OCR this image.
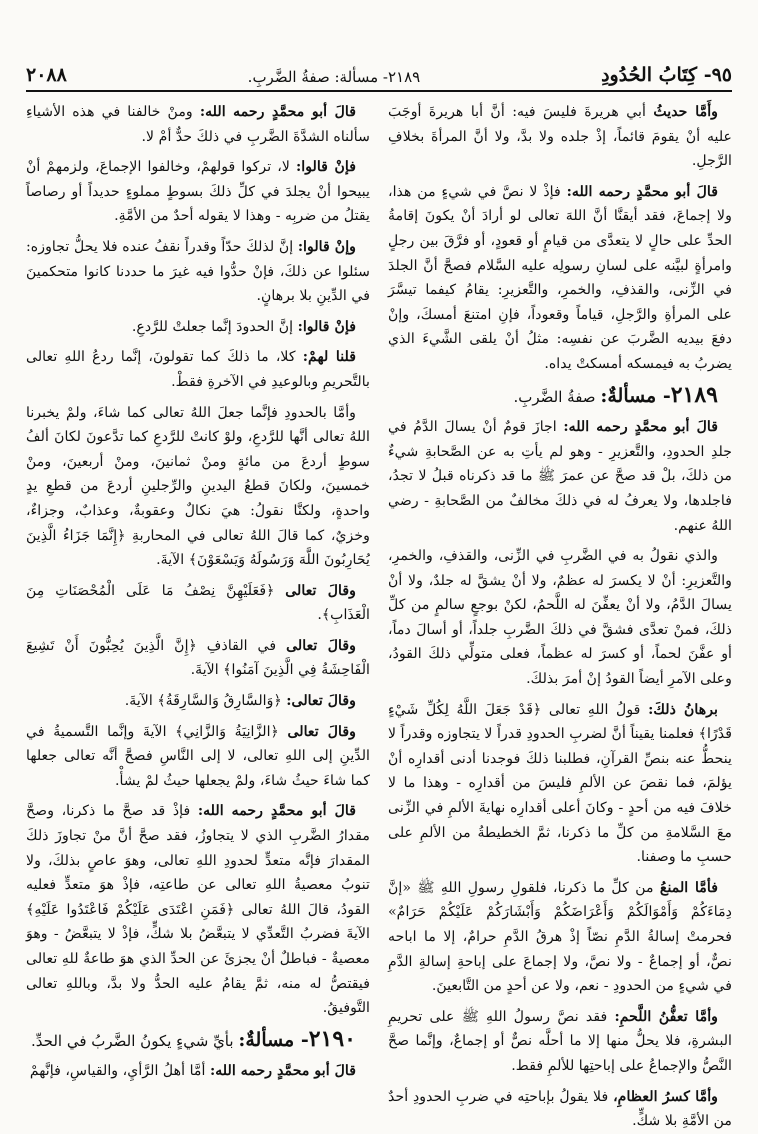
٩٥- كِتَابُ الحُدُودِ
٢١٨٩- مسألة: صفةُ الضَّربِ.
٢٠٨٨

وأَمَّا حديثُ أبي هريرةَ فليسَ فيه: أنَّ أبا هريرةَ أوجَبَ عليه أنْ يقومَ قائماً، إذْ جلده ولا بدَّ، ولا أنَّ المرأةَ بخلافِ الرَّجلِ.

قالَ أبو محمَّدٍ رحمه الله: فإذْ لا نصَّ في شيءٍ من هذا، ولا إجماعَ، فقد أيقنَّا أنَّ اللهَ تعالى لو أرادَ أنْ يكونَ إقامةُ الحدِّ على حالٍ لا يتعدَّى من قيامٍ أو قعودٍ، أو فرَّقَ بين رجلٍ وامرأةٍ لبيَّنه على لسانِ رسولِه عليه السَّلام فصحَّ أنَّ الجلدَ في الزِّنى، والقذفِ، والخمرِ، والتَّعزيرِ: يقامُ كيفما تيسَّرَ على المرأةِ والرَّجلِ، قياماً وقعوداً، فإنِ امتنعَ أمسكَ، وإنْ دفعَ بيديه الضَّربَ عن نفسِه: مثلُ أنْ يلقى الشَّيءَ الذي يضربُ به فيمسكه أمسكتْ يداه.

٢١٨٩- مسألةٌ: صفةُ الضَّربِ.

قالَ أبو محمَّدٍ رحمه الله: اجازَ قومٌ أنْ يسالَ الدَّمُ في جلدِ الحدودِ، والتَّعزيرِ - وهو لم يأتِ به عن الصَّحابةِ شيءٌ من ذلكَ، بلْ قد صحَّ عن عمرَ ﷺ ما قد ذكرناه قبلُ لا تجدُ، فاجلدها، ولا يعرفُ له في ذلكَ مخالفٌ من الصَّحابةِ - رضي اللهُ عنهم.

والذي نقولُ به في الضَّربِ في الزِّنى، والقذفِ، والخمرِ، والتَّعزيرِ: أنْ لا يكسرَ له عظمٌ، ولا أنْ يشقَّ له جلدٌ، ولا أنْ يسالَ الدَّمُ، ولا أنْ يعفِّنَ له اللَّحمُ، لكنْ بوجعٍ سالمٍ من كلِّ ذلكَ، فمنْ تعدَّى فشقَّ في ذلكَ الضَّربِ جلداً، أو أسالَ دماً، أو عفَّنَ لحماً، أو كسرَ له عظماً، فعلى متولِّي ذلكَ القودُ، وعلى الآمرِ أيضاً القودُ إنْ أمرَ بذلكَ.

برهانُ ذلكَ: قولُ اللهِ تعالى ﴿قَدْ جَعَلَ اللَّهُ لِكُلِّ شَيْءٍ قَدْرًا﴾ فعلمنا يقيناً أنَّ لضربِ الحدودِ قدراً لا يتجاوزه وقدراً لا ينحطُّ عنه بنصِّ القرآنِ، فطلبنا ذلكَ فوجدنا أدنى أقدارِه أنْ يؤلمَ، فما نقصَ عن الألمِ فليسَ من أقدارِه - وهذا ما لا خلافَ فيه من أحدٍ - وكانَ أعلى أقدارِه نهايةَ الألمِ في الزِّنى معَ السَّلامةِ من كلِّ ما ذكرنا، ثمَّ الخطيطةُ من الألمِ على حسبِ ما وصفنا.

فأمَّا المنعُ من كلِّ ما ذكرنا، فلقولِ رسولِ اللهِ ﷺ «إنَّ دِمَاءَكُمْ وَأَمْوَالَكُمْ وَأَعْرَاضَكُمْ وَأَبْشَارَكُمْ عَلَيْكُمْ حَرَامٌ» فحرمتْ إسالةُ الدَّمِ نصّاً إذْ هرقُ الدَّمِ حرامٌ، إلا ما اباحه نصٌّ، أو إجماعٌ - ولا نصَّ، ولا إجماعَ على إباحةِ إسالةِ الدَّمِ في شيءٍ من الحدودِ - نعم، ولا عن أحدٍ من التَّابعينَ.

وأمَّا تعفُّنُ اللَّحمِ: فقد نصَّ رسولُ اللهِ ﷺ على تحريمِ البشرةِ، فلا يحلُّ منها إلا ما أحلَّه نصٌّ أو إجماعٌ، وإنَّما صحَّ النَّصُّ والإجماعُ على إباحتِها للألمِ فقط.

وأمَّا كسرُ العظامِ، فلا يقولُ بإباحتِه في ضربِ الحدودِ أحدٌ من الأمَّةِ بلا شكٍّ.

قالَ أبو محمَّدٍ رحمه الله: ومنْ خالفنا في هذه الأشياءِ سألناه الشدَّةَ الضَّربِ في ذلكَ حدٌّ أمْ لا.

فإنْ قالوا: لا، تركوا قولهمْ، وخالفوا الإجماعَ، ولزمهمْ أنْ يبيحوا أنْ يجلدَ في كلِّ ذلكَ بسوطٍ مملوءٍ حديداً أو رصاصاً يقتلُ من ضربِه - وهذا لا يقوله أحدٌ من الأمَّةِ.

وإنْ قالوا: إنَّ لذلكَ حدّاً وقدراً نقفُ عنده فلا يحلُّ تجاوزه: سئلوا عن ذلكَ، فإنْ حدُّوا فيه غيرَ ما حددنا كانوا متحكمينَ في الدِّينِ بلا برهانٍ.

فإنْ قالوا: إنَّ الحدودَ إنَّما جعلتْ للرَّدعِ.

قلنا لهمْ: كلا، ما ذلكَ كما تقولونَ، إنَّما ردعُ اللهِ تعالى بالتَّحريمِ وبالوعيدِ في الآخرةِ فقطْ.

وأمَّا بالحدودِ فإنَّما جعلَ اللهُ تعالى كما شاءَ، ولمْ يخبرنا اللهُ تعالى أنَّها للرَّدعِ، ولوْ كانتْ للرَّدعِ كما تدَّعونَ لكانَ ألفُ سوطٍ أردعَ من مائةٍ ومنْ ثمانينَ، ومنْ أربعينَ، ومنْ خمسينَ، ولكانَ قطعُ اليدينِ والرِّجلينِ أردعَ من قطعِ يدٍ واحدةٍ، ولكنَّا نقولُ: هيَ نكالٌ وعقوبةٌ، وعذابٌ، وجزاءٌ، وخزيٌ، كما قالَ اللهُ تعالى في المحاربةِ ﴿إِنَّمَا جَزَاءُ الَّذِينَ يُحَارِبُونَ اللَّهَ وَرَسُولَهُ وَيَسْعَوْنَ﴾ الآيةَ.

وقالَ تعالى ﴿فَعَلَيْهِنَّ نِصْفُ مَا عَلَى الْمُحْصَنَاتِ مِنَ الْعَذَابِ﴾.

وقالَ تعالى في القاذفِ ﴿إِنَّ الَّذِينَ يُحِبُّونَ أَنْ تَشِيعَ الْفَاحِشَةُ فِي الَّذِينَ آمَنُوا﴾ الآيةَ.

وقالَ تعالى: ﴿وَالسَّارِقُ وَالسَّارِقَةُ﴾ الآيةَ.

وقالَ تعالى ﴿الزَّانِيَةُ وَالزَّانِي﴾ الآيةَ وإنَّما التَّسميةُ في الدِّينِ إلى اللهِ تعالى، لا إلى النَّاسِ فصحَّ أنَّه تعالى جعلها كما شاءَ حيثُ شاءَ، ولمْ يجعلها حيثُ لمْ يشأْ.

قالَ أبو محمَّدٍ رحمه الله: فإذْ قد صحَّ ما ذكرنا، وصحَّ مقدارُ الضَّربِ الذي لا يتجاوزُ، فقد صحَّ أنَّ منْ تجاوزَ ذلكَ المقدارَ فإنَّه متعدٍّ لحدودِ اللهِ تعالى، وهوَ عاصٍ بذلكَ، ولا تنوبُ معصيةُ اللهِ تعالى عن طاعتِه، فإذْ هوَ متعدٍّ فعليه القودُ، قالَ اللهُ تعالى ﴿فَمَنِ اعْتَدَى عَلَيْكُمْ فَاعْتَدُوا عَلَيْهِ﴾ الآيةَ فضربُ التَّعدِّي لا يتبعَّضُ بلا شكٍّ، فإذْ لا يتبعَّضُ - وهوَ معصيةٌ - فباطلٌ أنْ يجزئَ عن الحدِّ الذي هوَ طاعةٌ للهِ تعالى فيقتصُّ له منه، ثمَّ يقامُ عليه الحدُّ ولا بدَّ، وباللهِ تعالى التَّوفيقُ.

٢١٩٠- مسألةٌ: بأيِّ شيءٍ يكونُ الضَّربُ في الحدِّ.

قالَ أبو محمَّدٍ رحمه الله: أمَّا أهلُ الرَّأيِ، والقياسِ، فإنَّهمْ
